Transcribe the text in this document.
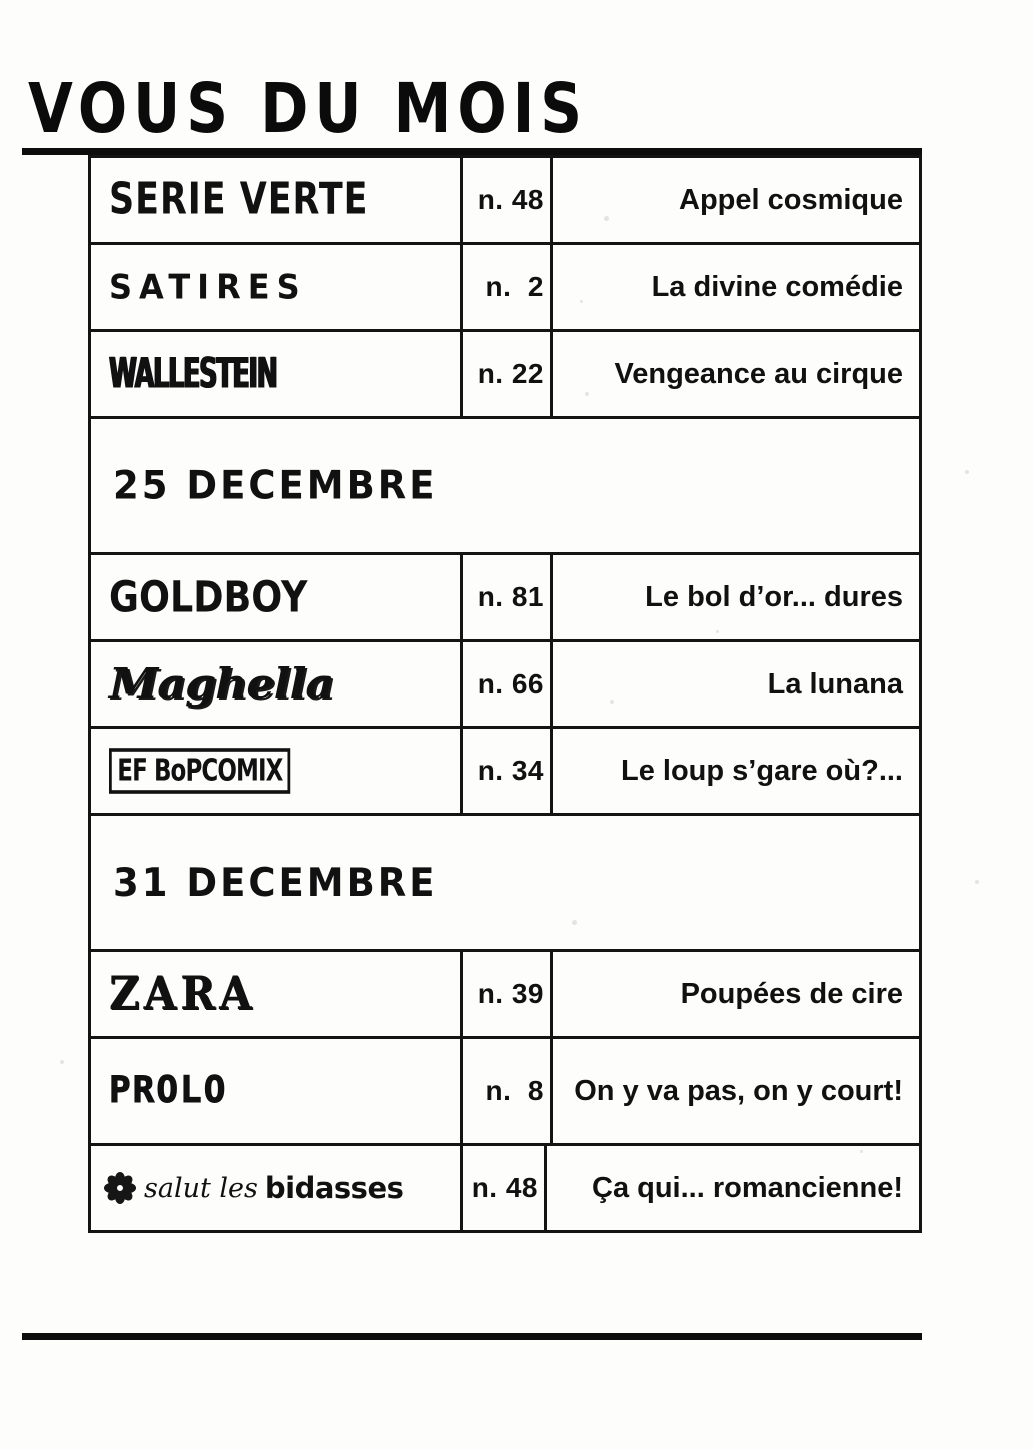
VOUS DU MOIS
SERIE VERTE	n. 48	Appel cosmique
SATIRES	n.  2	La divine comédie
WALLESTEIN	n. 22	Vengeance au cirque
25 DECEMBRE
GOLDBOY	n. 81	Le bol d’or... dures
Maghella	n. 66	La lunana
EF BoPCOMIX	n. 34	Le loup s’gare où?...
31 DECEMBRE
ZARA	n. 39	Poupées de cire
PROLO	n.  8	On y va pas, on y court!
salut les bidasses	n. 48	Ça qui... romancienne!
